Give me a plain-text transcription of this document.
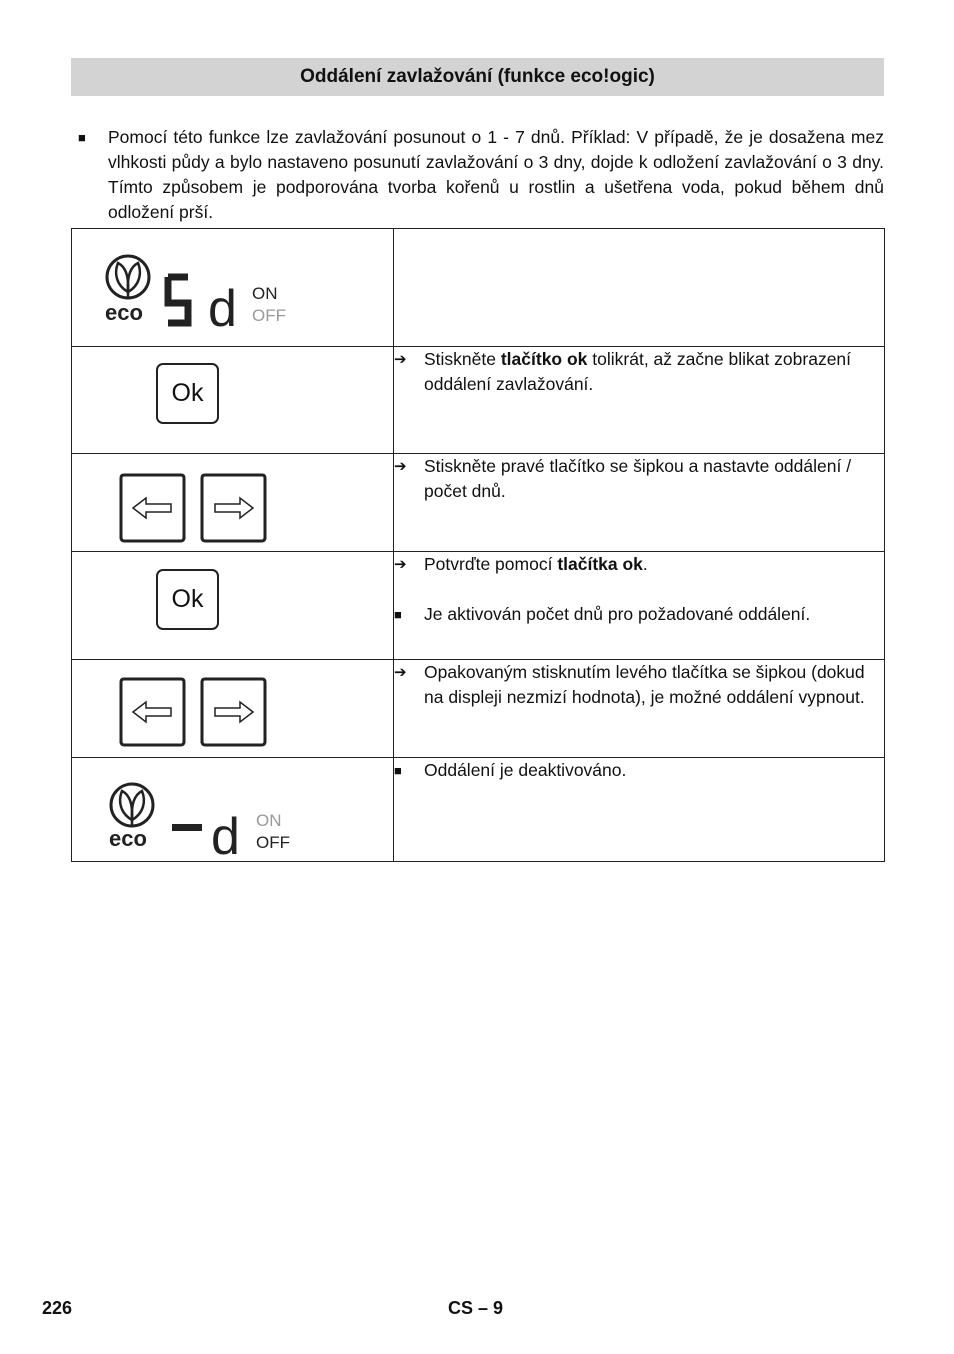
Oddálení zavlažování (funkce eco!ogic)
■	Pomocí této funkce lze zavlažování posunout o 1 - 7 dnů. Příklad: V případě, že je dosažena mez vlhkosti půdy a bylo nastaveno posunutí zavlažování o 3 dny, dojde k odložení zavlažování o 3 dny. Tímto způsobem je podporována tvorba kořenů u rostlin a ušetřena voda, pokud během dnů odložení prší.
eco d ON
OFF	

Ok	➔ Stiskněte tlačítko ok tolikrát, až začne blikat zobrazení oddálení zavlažování.

➔ Stiskněte pravé tlačítko se šipkou a nastavte oddálení / počet dnů.

Ok	➔ Potvrďte pomocí tlačítka ok.
■ Je aktivován počet dnů pro požadované oddálení.

➔ Opakovaným stisknutím levého tlačítka se šipkou (dokud na displeji nezmizí hodnota), je možné oddálení vypnout.

eco d ON
OFF	■ Oddálení je deaktivováno.
226	CS – 9
